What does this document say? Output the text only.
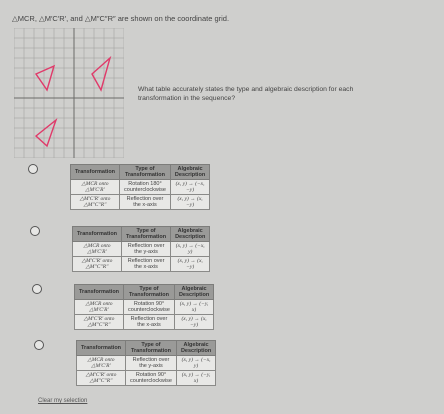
△MCR, △M′C′R′, and △M″C″R″ are shown on the coordinate grid.
What table accurately states the type and algebraic description for each transformation in the sequence?
Transformation	Type of Transformation	Algebraic Description
△MCR onto △M′C′R′	Rotation 180° counterclockwise	(x, y) → (−x, −y)
△M′C′R′ onto △M″C″R″	Reflection over the x-axis	(x, y) → (x, −y)
Transformation	Type of Transformation	Algebraic Description
△MCR onto △M′C′R′	Reflection over the y-axis	(x, y) → (−x, y)
△M′C′R′ onto △M″C″R″	Reflection over the x-axis	(x, y) → (x, −y)
Transformation	Type of Transformation	Algebraic Description
△MCR onto △M′C′R′	Rotation 90° counterclockwise	(x, y) → (−y, x)
△M′C′R′ onto △M″C″R″	Reflection over the x-axis	(x, y) → (x, −y)
Transformation	Type of Transformation	Algebraic Description
△MCR onto △M′C′R′	Reflection over the y-axis	(x, y) → (−x, y)
△M′C′R′ onto △M″C″R″	Rotation 90° counterclockwise	(x, y) → (−y, x)
Clear my selection
